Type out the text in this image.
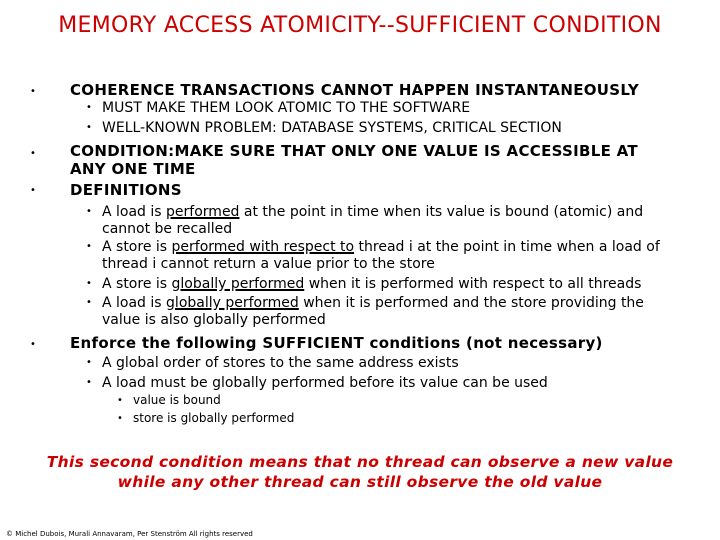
MEMORY ACCESS ATOMICITY--SUFFICIENT CONDITION
• COHERENCE TRANSACTIONS CANNOT HAPPEN INSTANTANEOUSLY
• MUST MAKE THEM LOOK ATOMIC TO THE SOFTWARE
• WELL-KNOWN PROBLEM: DATABASE SYSTEMS, CRITICAL SECTION
• CONDITION:MAKE SURE THAT ONLY ONE VALUE IS ACCESSIBLE AT ANY ONE TIME
• DEFINITIONS
• A load is performed at the point in time when its value is bound (atomic) and cannot be recalled
• A store is performed with respect to thread i at the point in time when a load of thread i cannot return a value prior to the store
• A store is globally performed when it is performed with respect to all threads
• A load is globally performed when it is performed and the store providing the value is also globally performed
• Enforce the following SUFFICIENT conditions (not necessary)
• A global order of stores to the same address exists
• A load must be globally performed before its value can be used
• value is bound
• store is globally performed
This second condition means that no thread can observe a new value while any other thread can still observe the old value
© Michel Dubois, Murali Annavaram, Per Stenström All rights reserved
